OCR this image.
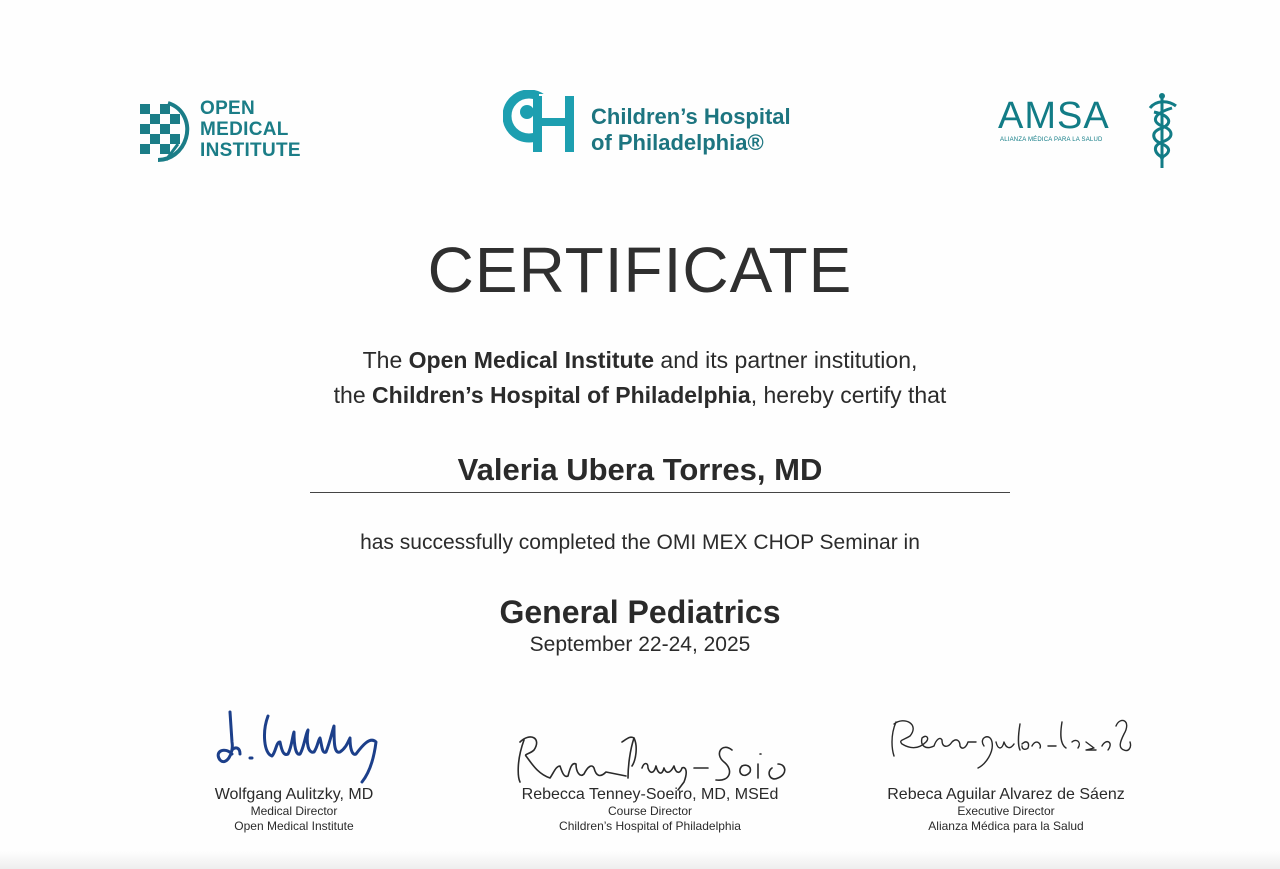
OPEN
MEDICAL
INSTITUTE
Children’s Hospital
of Philadelphia®
AMSA
ALIANZA MÉDICA PARA LA SALUD
CERTIFICATE
The Open Medical Institute and its partner institution,
the Children’s Hospital of Philadelphia, hereby certify that
Valeria Ubera Torres, MD
has successfully completed the OMI MEX CHOP Seminar in
General Pediatrics
September 22-24, 2025
Wolfgang Aulitzky, MD
Medical Director
Open Medical Institute
Rebecca Tenney-Soeiro, MD, MSEd
Course Director
Children’s Hospital of Philadelphia
Rebeca Aguilar Alvarez de Sáenz
Executive Director
Alianza Médica para la Salud
